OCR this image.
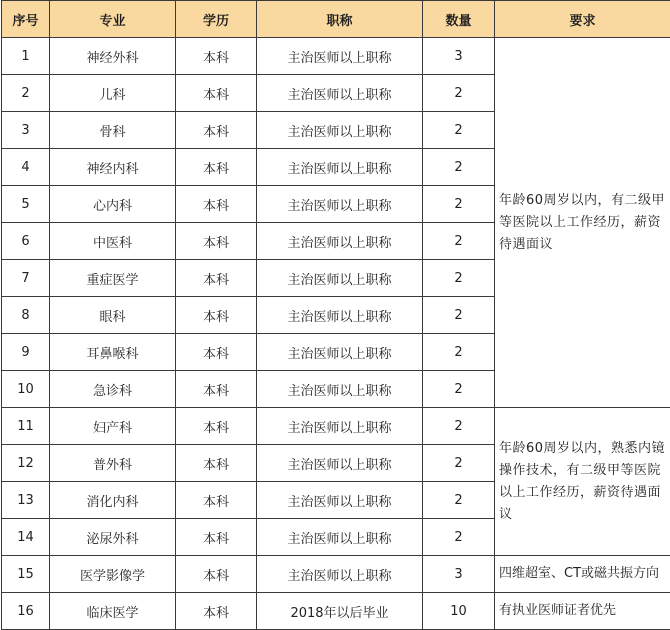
序号	专业	学历	职称	数量	要求
1	神经外科	本科	主治医师以上职称	3	年龄60周岁以内，有二级甲等医院以上工作经历，薪资待遇面议
2	儿科	本科	主治医师以上职称	2	
3	骨科	本科	主治医师以上职称	2	
4	神经内科	本科	主治医师以上职称	2	
5	心内科	本科	主治医师以上职称	2	
6	中医科	本科	主治医师以上职称	2	
7	重症医学	本科	主治医师以上职称	2	
8	眼科	本科	主治医师以上职称	2	
9	耳鼻喉科	本科	主治医师以上职称	2	
10	急诊科	本科	主治医师以上职称	2	
11	妇产科	本科	主治医师以上职称	2	年龄60周岁以内，熟悉内镜操作技术，有二级甲等医院以上工作经历，薪资待遇面议
12	普外科	本科	主治医师以上职称	2	
13	消化内科	本科	主治医师以上职称	2	
14	泌尿外科	本科	主治医师以上职称	2	
15	医学影像学	本科	主治医师以上职称	3	四维超室、CT或磁共振方向
16	临床医学	本科	2018年以后毕业	10	有执业医师证者优先
